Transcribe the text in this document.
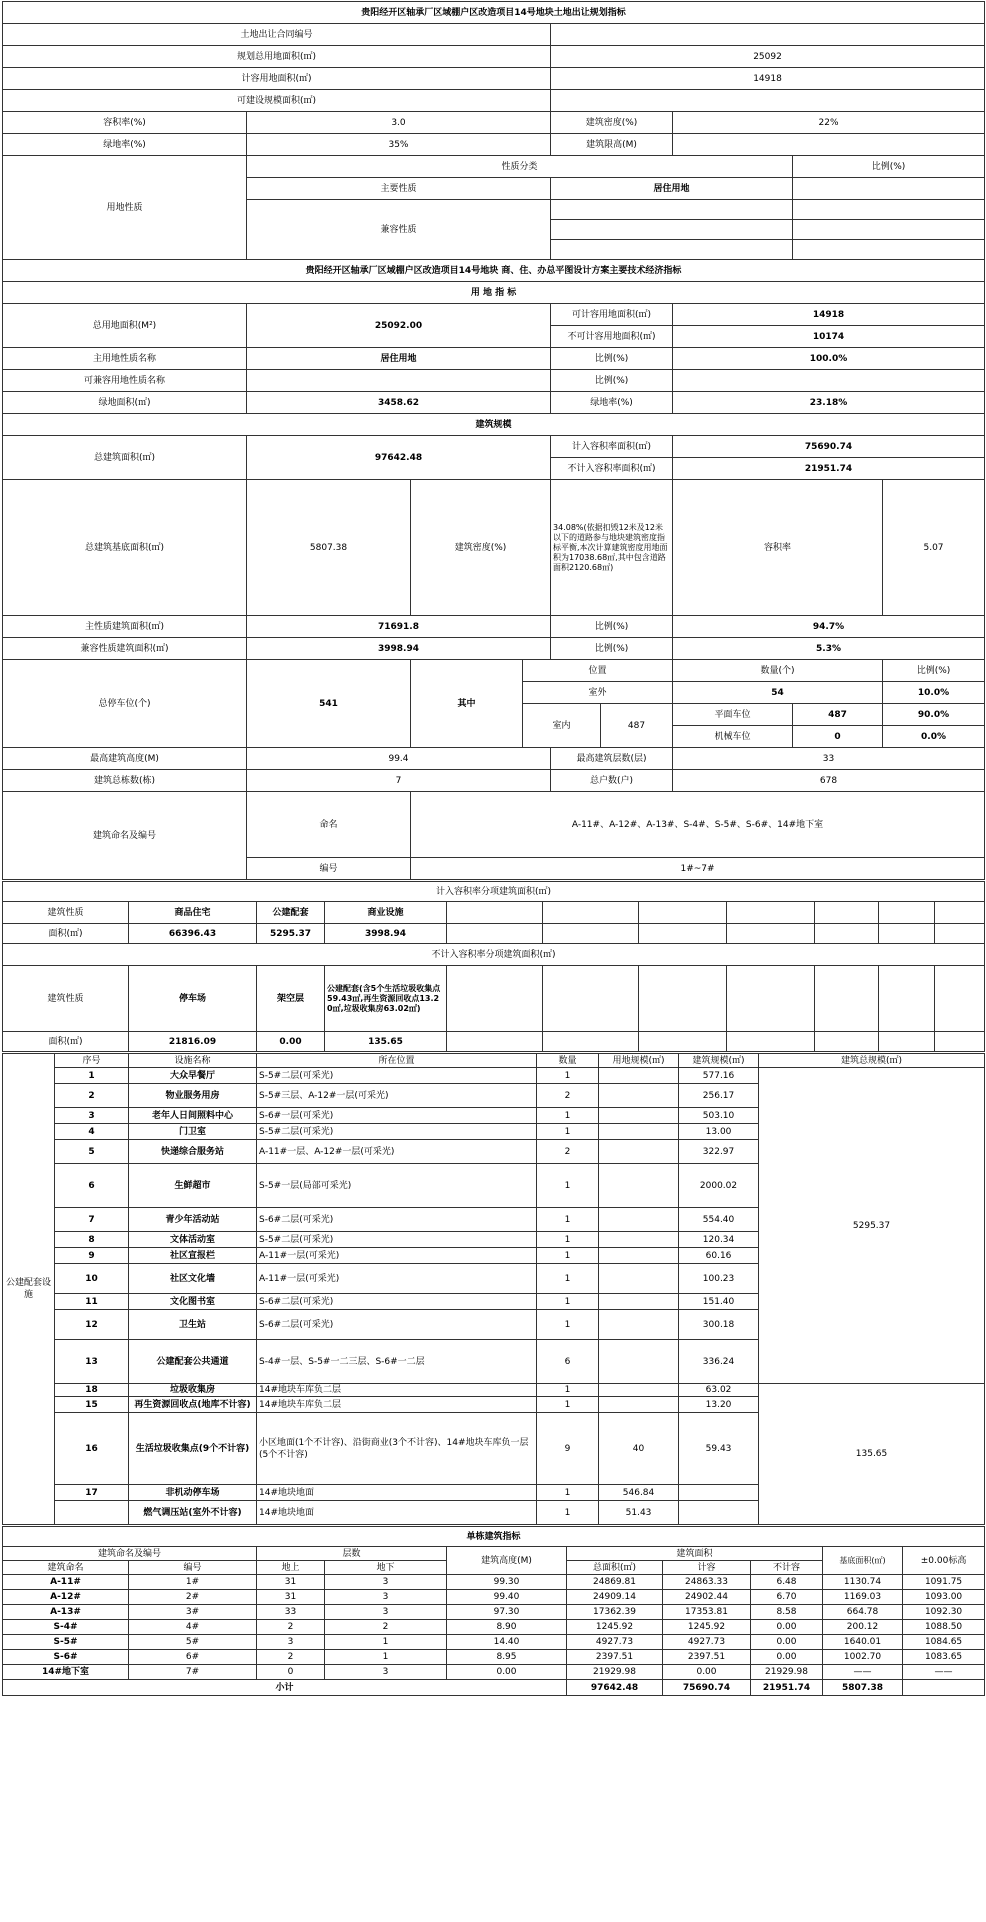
贵阳经开区轴承厂区域棚户区改造项目14号地块土地出让规划指标								
土地出让合同编号								
规划总用地面积(㎡)				25092				
计容用地面积(㎡)				14918				
可建设规模面积(㎡)								
容积率(%)	3.0			建筑密度(%)		22%		
绿地率(%)	35%			建筑限高(M)				
用地性质	性质分类						比例(%)	
	主要性质			居住用地				
	兼容性质							

贵阳经开区轴承厂区域棚户区改造项目14号地块 商、住、办总平图设计方案主要技术经济指标								
用 地 指 标								
总用地面积(M²)	25092.00			可计容用地面积(㎡)		14918		
				不可计容用地面积(㎡)		10174		
主用地性质名称	居住用地			比例(%)		100.0%		
可兼容用地性质名称				比例(%)				
绿地面积(㎡)	3458.62			绿地率(%)		23.18%		
建筑规模								
总建筑面积(㎡)	97642.48			计入容积率面积(㎡)		75690.74		
				不计入容积率面积(㎡)		21951.74		
总建筑基底面积(㎡)	5807.38	建筑密度(%)		34.08%(依据扣毁12米及12米以下的道路参与地块建筑密度指标平衡,本次计算建筑密度用地面积为17038.68㎡,其中包含道路面积2120.68㎡)		容积率		5.07
主性质建筑面积(㎡)	71691.8			比例(%)		94.7%		
兼容性质建筑面积(㎡)	3998.94			比例(%)		5.3%		
总停车位(个)	541	其中	位置			数量(个)		比例(%)
			室外			54		10.0%
			室内		487	平面车位	487	90.0%
						机械车位	0	0.0%
最高建筑高度(M)	99.4			最高建筑层数(层)		33		
建筑总栋数(栋)	7			总户数(户)		678		
建筑命名及编号	命名	A-11#、A-12#、A-13#、S-4#、S-5#、S-6#、14#地下室						
	编号	1#~7#						
计入容积率分项建筑面积(㎡)										
建筑性质	商品住宅	公建配套	商业设施							
面积(㎡)	66396.43	5295.37	3998.94							
不计入容积率分项建筑面积(㎡)										
建筑性质	停车场	架空层	公建配套(含5个生活垃圾收集点59.43㎡,再生资源回收点13.20㎡,垃圾收集房63.02㎡)							
面积(㎡)	21816.09	0.00	135.65							
公建配套设施	序号	设施名称	所在位置	数量	用地规模(㎡)	建筑规模(㎡)	建筑总规模(㎡)
	1	大众早餐厅	S-5#二层(可采光)	1		577.16	5295.37
	2	物业服务用房	S-5#三层、A-12#一层(可采光)	2		256.17	
	3	老年人日间照料中心	S-6#一层(可采光)	1		503.10	
	4	门卫室	S-5#二层(可采光)	1		13.00	
	5	快递综合服务站	A-11#一层、A-12#一层(可采光)	2		322.97	
	6	生鲜超市	S-5#一层(局部可采光)	1		2000.02	
	7	青少年活动站	S-6#二层(可采光)	1		554.40	
	8	文体活动室	S-5#二层(可采光)	1		120.34	
	9	社区宣报栏	A-11#一层(可采光)	1		60.16	
	10	社区文化墙	A-11#一层(可采光)	1		100.23	
	11	文化图书室	S-6#二层(可采光)	1		151.40	
	12	卫生站	S-6#二层(可采光)	1		300.18	
	13	公建配套公共通道	S-4#一层、S-5#一二三层、S-6#一二层	6		336.24	
	18	垃圾收集房	14#地块车库负二层	1		63.02	135.65
	15	再生资源回收点(地库不计容)	14#地块车库负二层	1		13.20	
	16	生活垃圾收集点(9个不计容)	小区地面(1个不计容)、沿街商业(3个不计容)、14#地块车库负一层(5个不计容)	9	40	59.43	
	17	非机动停车场	14#地块地面	1	546.84		
		燃气调压站(室外不计容)	14#地块地面	1	51.43		
单栋建筑指标									
建筑命名及编号		层数		建筑高度(M)	建筑面积			基底面积(㎡)	±0.00标高
建筑命名	编号	地上	地下		总面积(㎡)	计容	不计容		
A-11#	1#	31	3	99.30	24869.81	24863.33	6.48	1130.74	1091.75
A-12#	2#	31	3	99.40	24909.14	24902.44	6.70	1169.03	1093.00
A-13#	3#	33	3	97.30	17362.39	17353.81	8.58	664.78	1092.30
S-4#	4#	2	2	8.90	1245.92	1245.92	0.00	200.12	1088.50
S-5#	5#	3	1	14.40	4927.73	4927.73	0.00	1640.01	1084.65
S-6#	6#	2	1	8.95	2397.51	2397.51	0.00	1002.70	1083.65
14#地下室	7#	0	3	0.00	21929.98	0.00	21929.98	——	——
小计					97642.48	75690.74	21951.74	5807.38	
